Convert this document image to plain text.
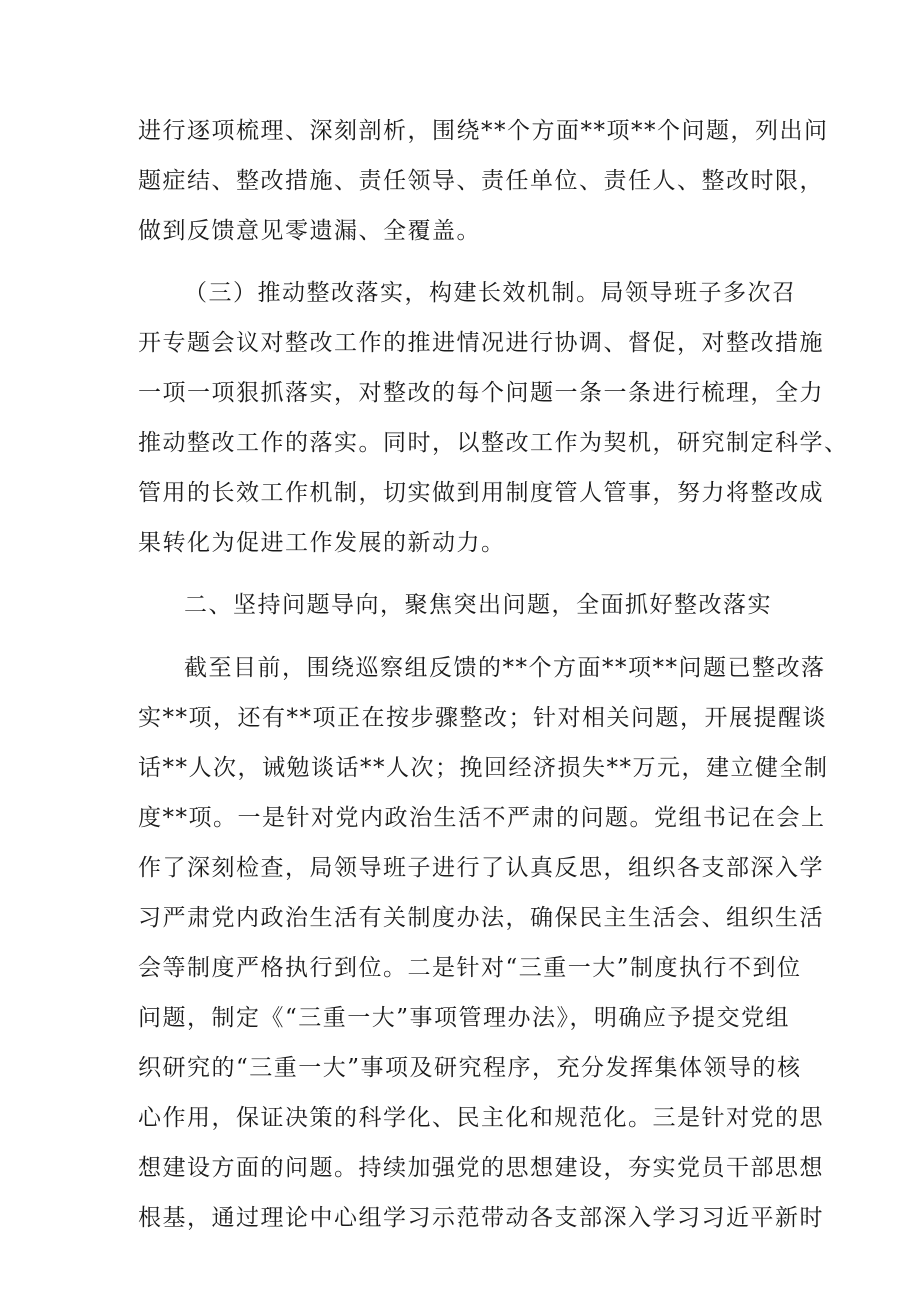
进行逐项梳理、深刻剖析，围绕**个方面**项**个问题，列出问
题症结、整改措施、责任领导、责任单位、责任人、整改时限，
做到反馈意见零遗漏、全覆盖。
（三）推动整改落实，构建长效机制。局领导班子多次召
开专题会议对整改工作的推进情况进行协调、督促，对整改措施
一项一项狠抓落实，对整改的每个问题一条一条进行梳理，全力
推动整改工作的落实。同时，以整改工作为契机，研究制定科学、
管用的长效工作机制，切实做到用制度管人管事，努力将整改成
果转化为促进工作发展的新动力。
二、坚持问题导向，聚焦突出问题，全面抓好整改落实
截至目前，围绕巡察组反馈的**个方面**项**问题已整改落
实**项，还有**项正在按步骤整改；针对相关问题，开展提醒谈
话**人次，诫勉谈话**人次；挽回经济损失**万元，建立健全制
度**项。一是针对党内政治生活不严肃的问题。党组书记在会上
作了深刻检查，局领导班子进行了认真反思，组织各支部深入学
习严肃党内政治生活有关制度办法，确保民主生活会、组织生活
会等制度严格执行到位。二是针对“三重一大”制度执行不到位
问题，制定《“三重一大”事项管理办法》，明确应予提交党组
织研究的“三重一大”事项及研究程序，充分发挥集体领导的核
心作用，保证决策的科学化、民主化和规范化。三是针对党的思
想建设方面的问题。持续加强党的思想建设，夯实党员干部思想
根基，通过理论中心组学习示范带动各支部深入学习习近平新时
